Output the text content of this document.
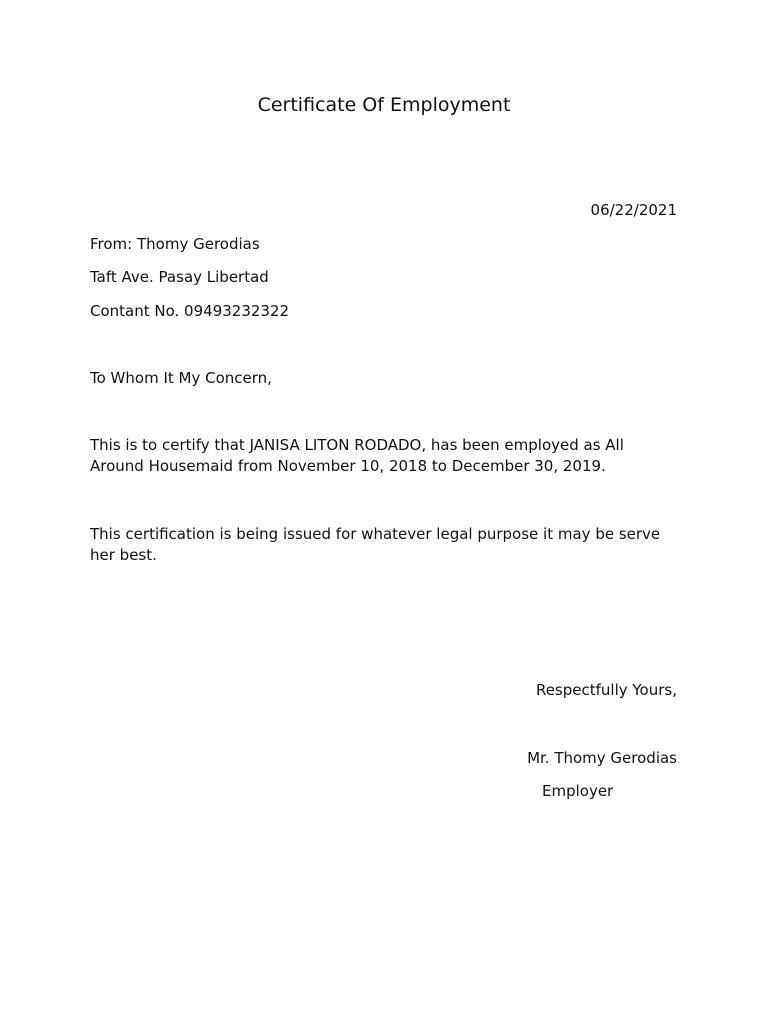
Certificate Of Employment
06/22/2021
From: Thomy Gerodias
Taft Ave. Pasay Libertad
Contant No. 09493232322
To Whom It My Concern,
This is to certify that JANISA LITON RODADO, has been employed as All Around Housemaid from November 10, 2018 to December 30, 2019.
This certification is being issued for whatever legal purpose it may be serve her best.
Respectfully Yours,
Mr. Thomy Gerodias
Employer
